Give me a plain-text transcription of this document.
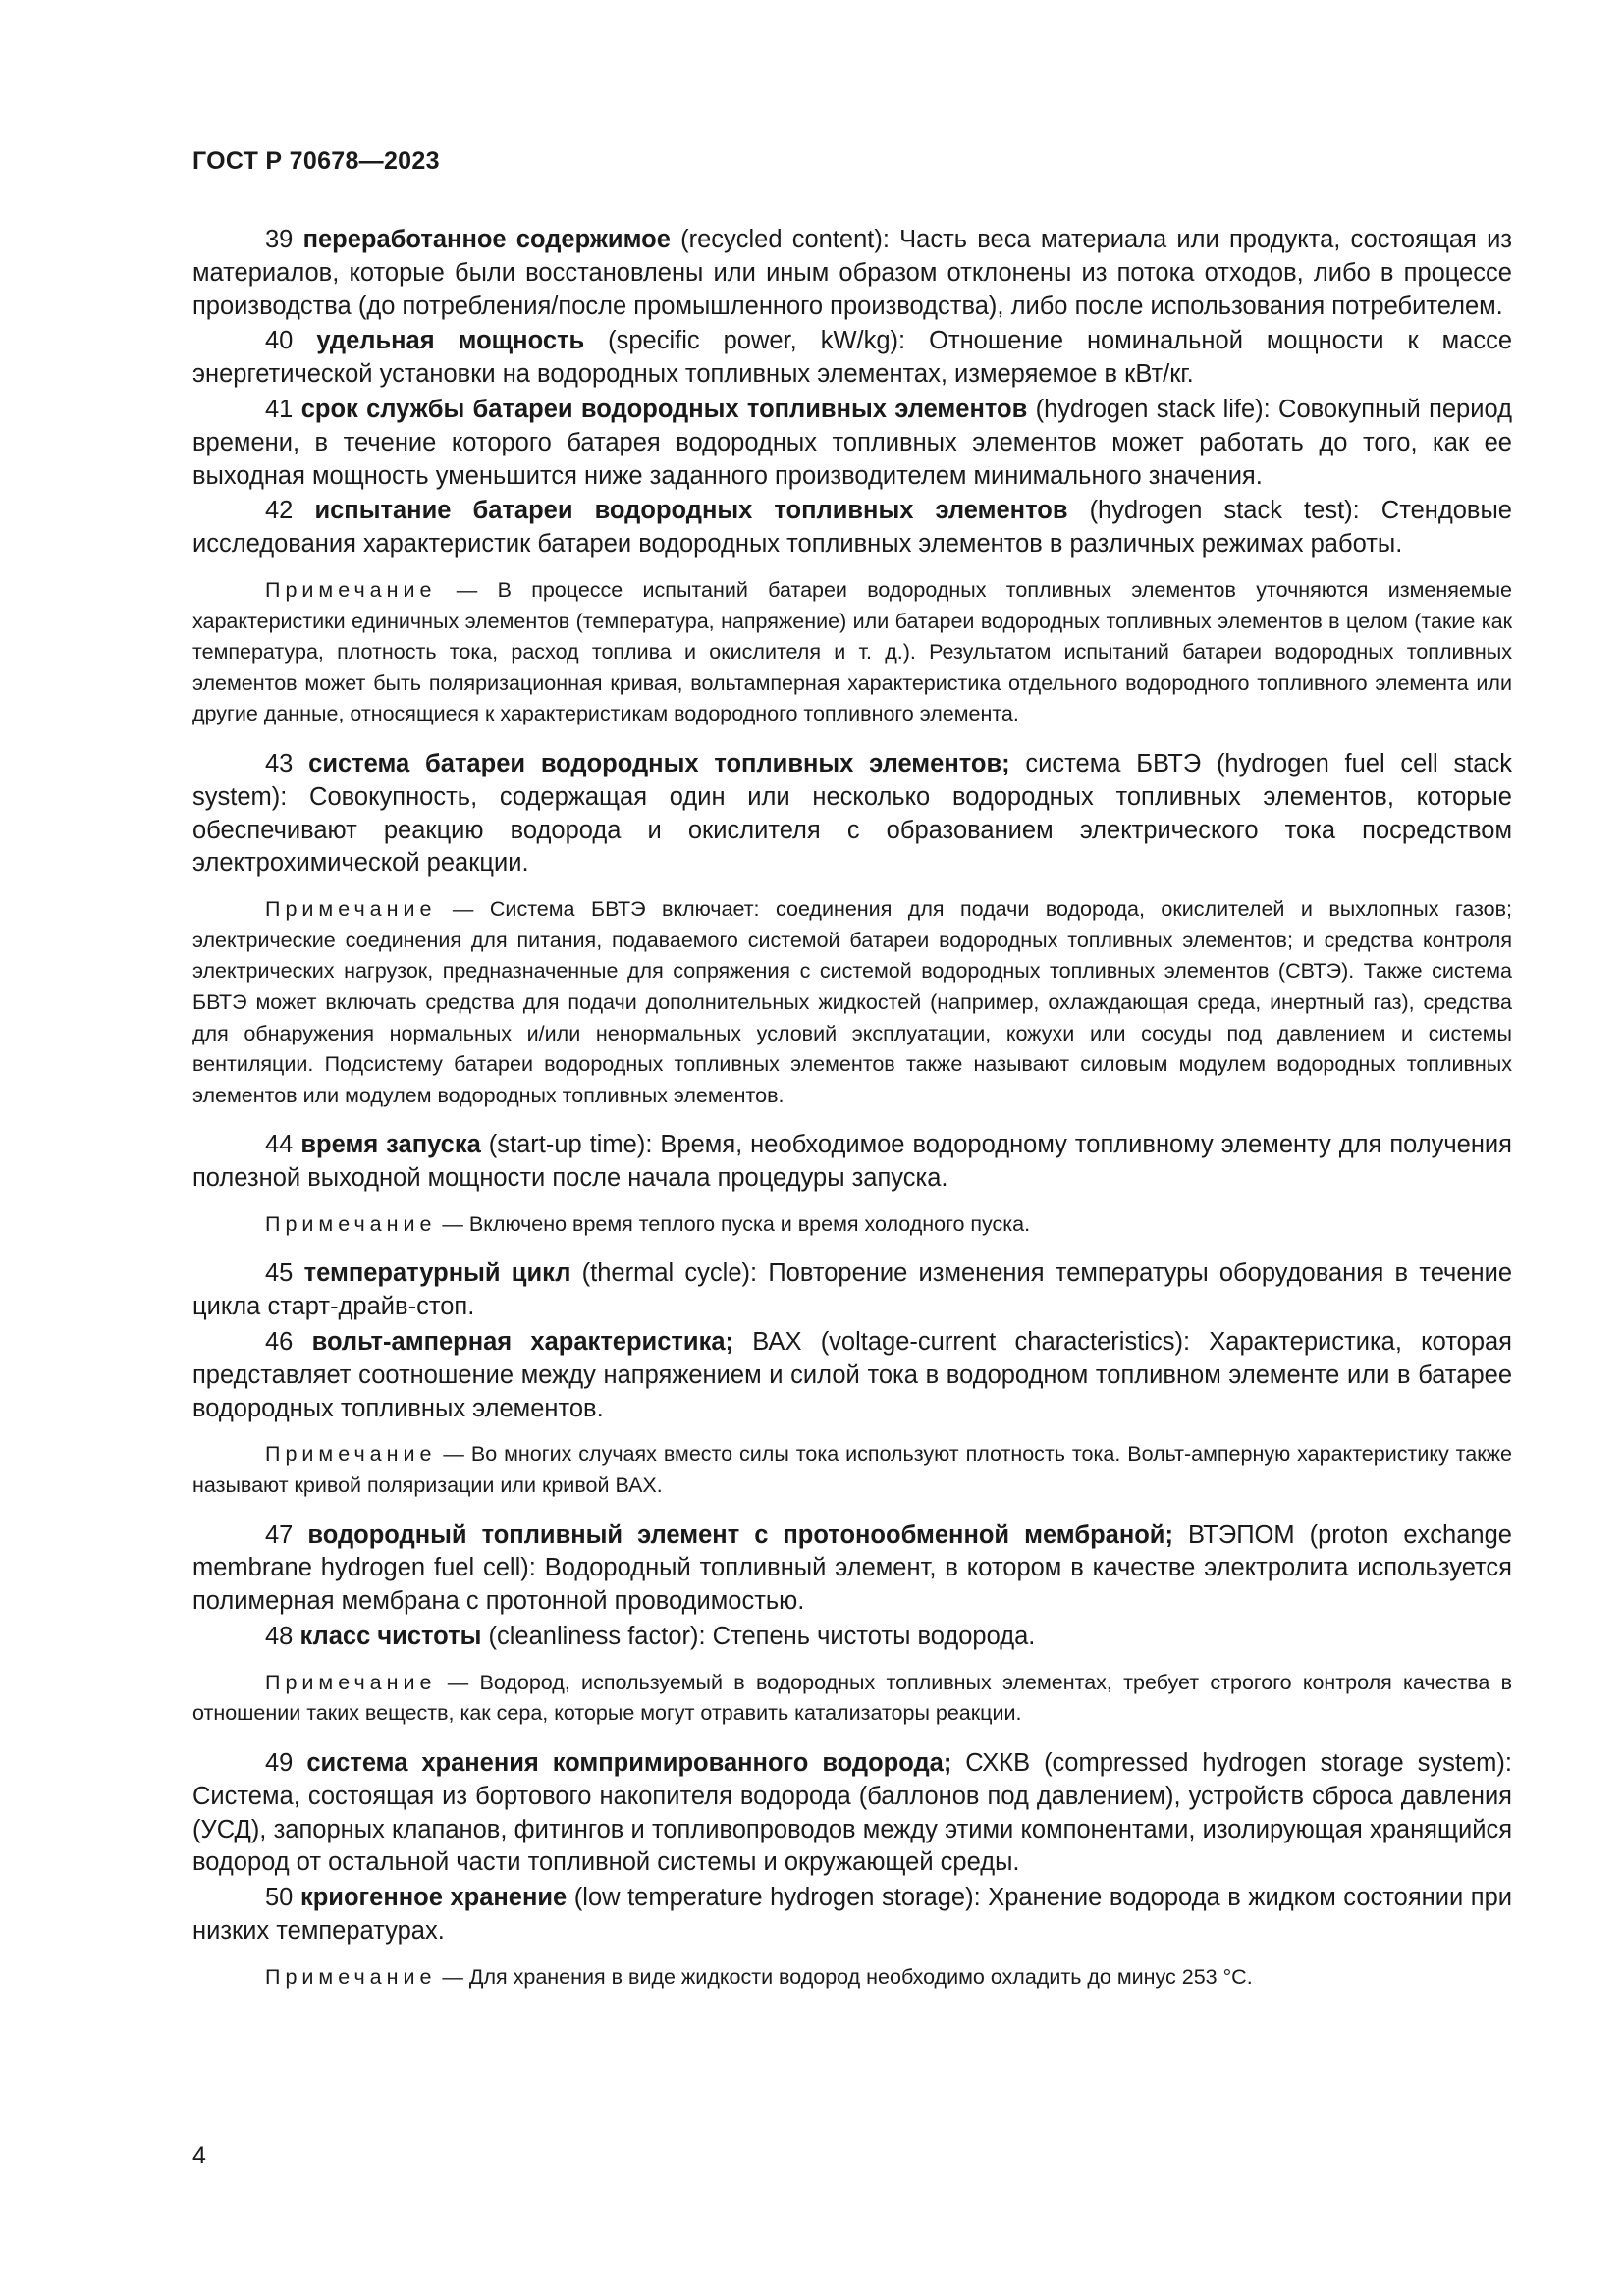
ГОСТ Р 70678—2023

39 переработанное содержимое (recycled content): Часть веса материала или продукта, состоящая из материалов, которые были восстановлены или иным образом отклонены из потока отходов, либо в процессе производства (до потребления/после промышленного производства), либо после использования потребителем.

40 удельная мощность (specific power, kW/kg): Отношение номинальной мощности к массе энергетической установки на водородных топливных элементах, измеряемое в кВт/кг.

41 срок службы батареи водородных топливных элементов (hydrogen stack life): Совокупный период времени, в течение которого батарея водородных топливных элементов может работать до того, как ее выходная мощность уменьшится ниже заданного производителем минимального значения.

42 испытание батареи водородных топливных элементов (hydrogen stack test): Стендовые исследования характеристик батареи водородных топливных элементов в различных режимах работы.

Примечание — В процессе испытаний батареи водородных топливных элементов уточняются изменяемые характеристики единичных элементов (температура, напряжение) или батареи водородных топливных элементов в целом (такие как температура, плотность тока, расход топлива и окислителя и т. д.). Результатом испытаний батареи водородных топливных элементов может быть поляризационная кривая, вольтамперная характеристика отдельного водородного топливного элемента или другие данные, относящиеся к характеристикам водородного топливного элемента.

43 система батареи водородных топливных элементов; система БВТЭ (hydrogen fuel cell stack system): Совокупность, содержащая один или несколько водородных топливных элементов, которые обеспечивают реакцию водорода и окислителя с образованием электрического тока посредством электрохимической реакции.

Примечание — Система БВТЭ включает: соединения для подачи водорода, окислителей и выхлопных газов; электрические соединения для питания, подаваемого системой батареи водородных топливных элементов; и средства контроля электрических нагрузок, предназначенные для сопряжения с системой водородных топливных элементов (СВТЭ). Также система БВТЭ может включать средства для подачи дополнительных жидкостей (например, охлаждающая среда, инертный газ), средства для обнаружения нормальных и/или ненормальных условий эксплуатации, кожухи или сосуды под давлением и системы вентиляции. Подсистему батареи водородных топливных элементов также называют силовым модулем водородных топливных элементов или модулем водородных топливных элементов.

44 время запуска (start-up time): Время, необходимое водородному топливному элементу для получения полезной выходной мощности после начала процедуры запуска.

Примечание — Включено время теплого пуска и время холодного пуска.

45 температурный цикл (thermal cycle): Повторение изменения температуры оборудования в течение цикла старт-драйв-стоп.

46 вольт-амперная характеристика; ВАХ (voltage-current characteristics): Характеристика, которая представляет соотношение между напряжением и силой тока в водородном топливном элементе или в батарее водородных топливных элементов.

Примечание — Во многих случаях вместо силы тока используют плотность тока. Вольт-амперную характеристику также называют кривой поляризации или кривой ВАХ.

47 водородный топливный элемент с протонообменной мембраной; ВТЭПОМ (proton exchange membrane hydrogen fuel cell): Водородный топливный элемент, в котором в качестве электролита используется полимерная мембрана с протонной проводимостью.

48 класс чистоты (cleanliness factor): Степень чистоты водорода.

Примечание — Водород, используемый в водородных топливных элементах, требует строгого контроля качества в отношении таких веществ, как сера, которые могут отравить катализаторы реакции.

49 система хранения компримированного водорода; СХКВ (compressed hydrogen storage system): Система, состоящая из бортового накопителя водорода (баллонов под давлением), устройств сброса давления (УСД), запорных клапанов, фитингов и топливопроводов между этими компонентами, изолирующая хранящийся водород от остальной части топливной системы и окружающей среды.

50 криогенное хранение (low temperature hydrogen storage): Хранение водорода в жидком состоянии при низких температурах.

Примечание — Для хранения в виде жидкости водород необходимо охладить до минус 253 °С.

4
